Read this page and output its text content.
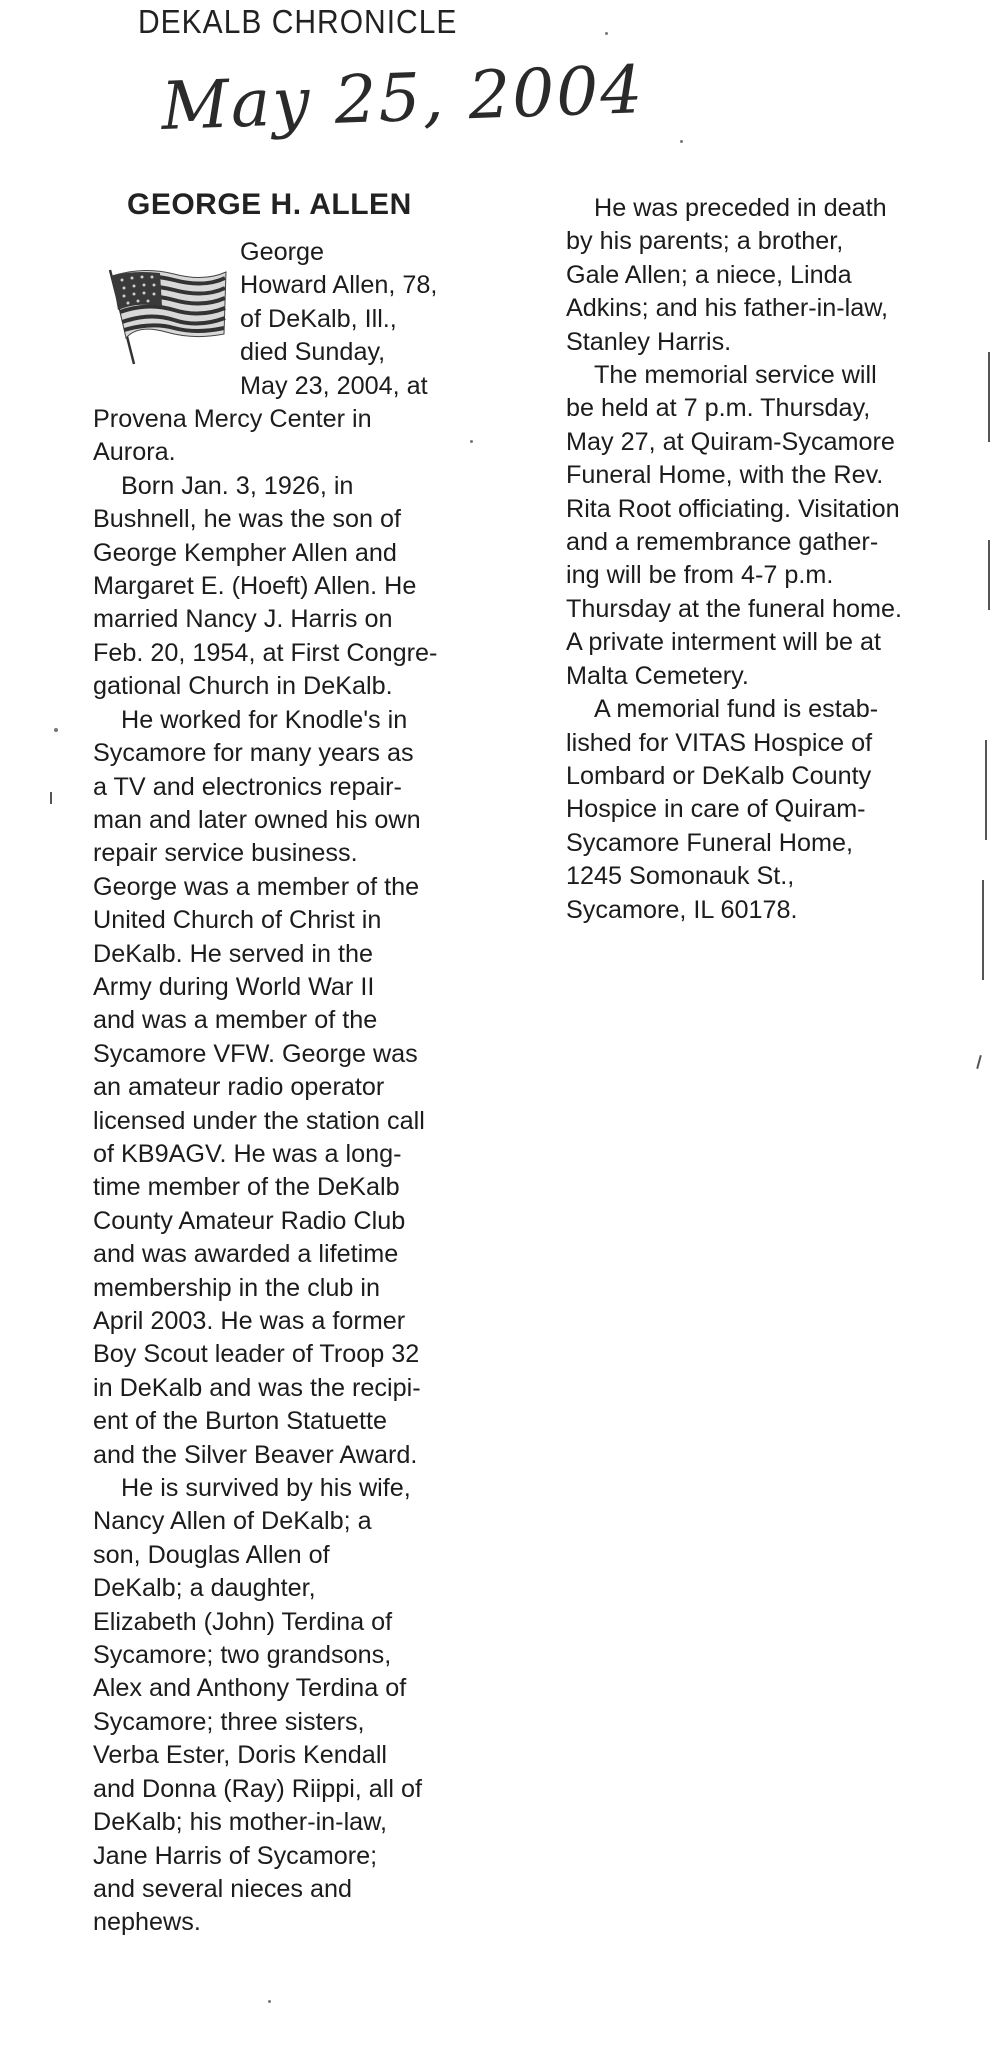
DEKALB CHRONICLE
May 25, 2004
GEORGE H. ALLEN
George
Howard Allen, 78,
of DeKalb, Ill.,
died Sunday,
May 23, 2004, at
Provena Mercy Center in
Aurora.
Born Jan. 3, 1926, in
Bushnell, he was the son of
George Kempher Allen and
Margaret E. (Hoeft) Allen. He
married Nancy J. Harris on
Feb. 20, 1954, at First Congre-
gational Church in DeKalb.
He worked for Knodle's in
Sycamore for many years as
a TV and electronics repair-
man and later owned his own
repair service business.
George was a member of the
United Church of Christ in
DeKalb. He served in the
Army during World War II
and was a member of the
Sycamore VFW. George was
an amateur radio operator
licensed under the station call
of KB9AGV. He was a long-
time member of the DeKalb
County Amateur Radio Club
and was awarded a lifetime
membership in the club in
April 2003. He was a former
Boy Scout leader of Troop 32
in DeKalb and was the recipi-
ent of the Burton Statuette
and the Silver Beaver Award.
He is survived by his wife,
Nancy Allen of DeKalb; a
son, Douglas Allen of
DeKalb; a daughter,
Elizabeth (John) Terdina of
Sycamore; two grandsons,
Alex and Anthony Terdina of
Sycamore; three sisters,
Verba Ester, Doris Kendall
and Donna (Ray) Riippi, all of
DeKalb; his mother-in-law,
Jane Harris of Sycamore;
and several nieces and
nephews.
He was preceded in death
by his parents; a brother,
Gale Allen; a niece, Linda
Adkins; and his father-in-law,
Stanley Harris.
The memorial service will
be held at 7 p.m. Thursday,
May 27, at Quiram-Sycamore
Funeral Home, with the Rev.
Rita Root officiating. Visitation
and a remembrance gather-
ing will be from 4-7 p.m.
Thursday at the funeral home.
A private interment will be at
Malta Cemetery.
A memorial fund is estab-
lished for VITAS Hospice of
Lombard or DeKalb County
Hospice in care of Quiram-
Sycamore Funeral Home,
1245 Somonauk St.,
Sycamore, IL 60178.
